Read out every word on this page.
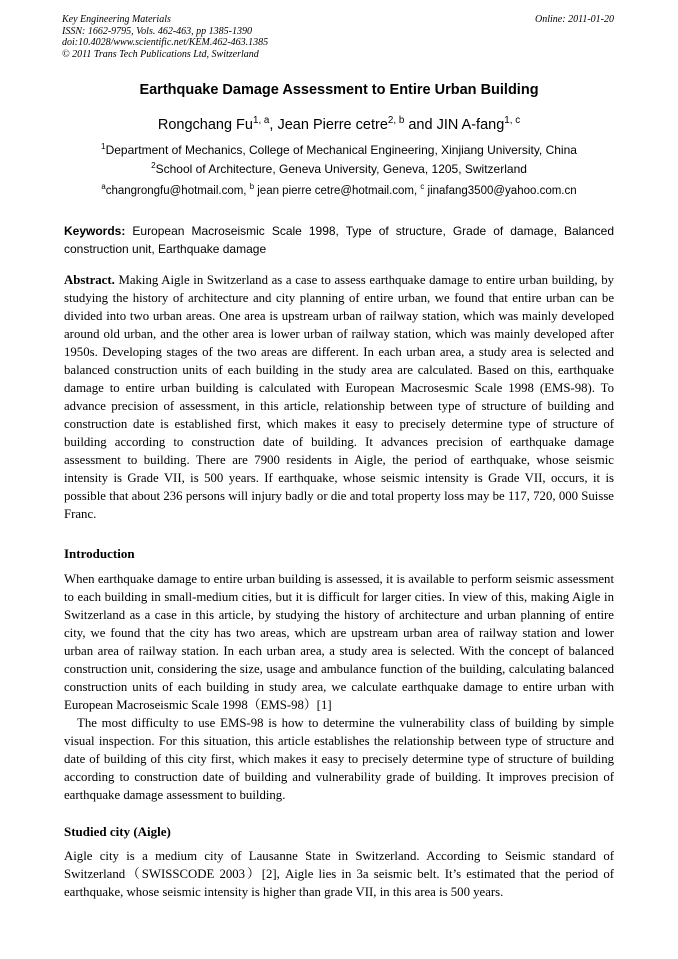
Key Engineering Materials
ISSN: 1662-9795, Vols. 462-463, pp 1385-1390
doi:10.4028/www.scientific.net/KEM.462-463.1385
© 2011 Trans Tech Publications Ltd, Switzerland
Online: 2011-01-20
Earthquake Damage Assessment to Entire Urban Building
Rongchang Fu$^{1, a}$, Jean Pierre cetre$^{2, b}$ and JIN A-fang$^{1, c}$
$^1$Department of Mechanics, College of Mechanical Engineering, Xinjiang University, China
$^2$School of Architecture, Geneva University, Geneva, 1205, Switzerland
$^a$changrongfu@hotmail.com, $^b$ jean pierre cetre@hotmail.com, $^c$ jinafang3500@yahoo.com.cn
Keywords: European Macroseismic Scale 1998, Type of structure, Grade of damage, Balanced construction unit, Earthquake damage
Abstract. Making Aigle in Switzerland as a case to assess earthquake damage to entire urban building, by studying the history of architecture and city planning of entire urban, we found that entire urban can be divided into two urban areas. One area is upstream urban of railway station, which was mainly developed around old urban, and the other area is lower urban of railway station, which was mainly developed after 1950s. Developing stages of the two areas are different. In each urban area, a study area is selected and balanced construction units of each building in the study area are calculated. Based on this, earthquake damage to entire urban building is calculated with European Macrosesmic Scale 1998 (EMS-98). To advance precision of assessment, in this article, relationship between type of structure of building and construction date is established first, which makes it easy to precisely determine type of structure of building according to construction date of building. It advances precision of earthquake damage assessment to building. There are 7900 residents in Aigle, the period of earthquake, whose seismic intensity is Grade VII, is 500 years. If earthquake, whose seismic intensity is Grade VII, occurs, it is possible that about 236 persons will injury badly or die and total property loss may be 117, 720, 000 Suisse Franc.
Introduction

When earthquake damage to entire urban building is assessed, it is available to perform seismic assessment to each building in small-medium cities, but it is difficult for larger cities. In view of this, making Aigle in Switzerland as a case in this article, by studying the history of architecture and urban planning of entire city, we found that the city has two areas, which are upstream urban area of railway station and lower urban area of railway station. In each urban area, a study area is selected. With the concept of balanced construction unit, considering the size, usage and ambulance function of the building, calculating balanced construction units of each building in study area, we calculate earthquake damage to entire urban with European Macroseismic Scale 1998（EMS-98）[1]

The most difficulty to use EMS-98 is how to determine the vulnerability class of building by simple visual inspection. For this situation, this article establishes the relationship between type of structure and date of building of this city first, which makes it easy to precisely determine type of structure of building according to construction date of building and vulnerability grade of building. It improves precision of earthquake damage assessment to building.

Studied city (Aigle)

Aigle city is a medium city of Lausanne State in Switzerland. According to Seismic standard of Switzerland（SWISSCODE 2003）[2], Aigle lies in 3a seismic belt. It’s estimated that the period of earthquake, whose seismic intensity is higher than grade VII, in this area is 500 years.
